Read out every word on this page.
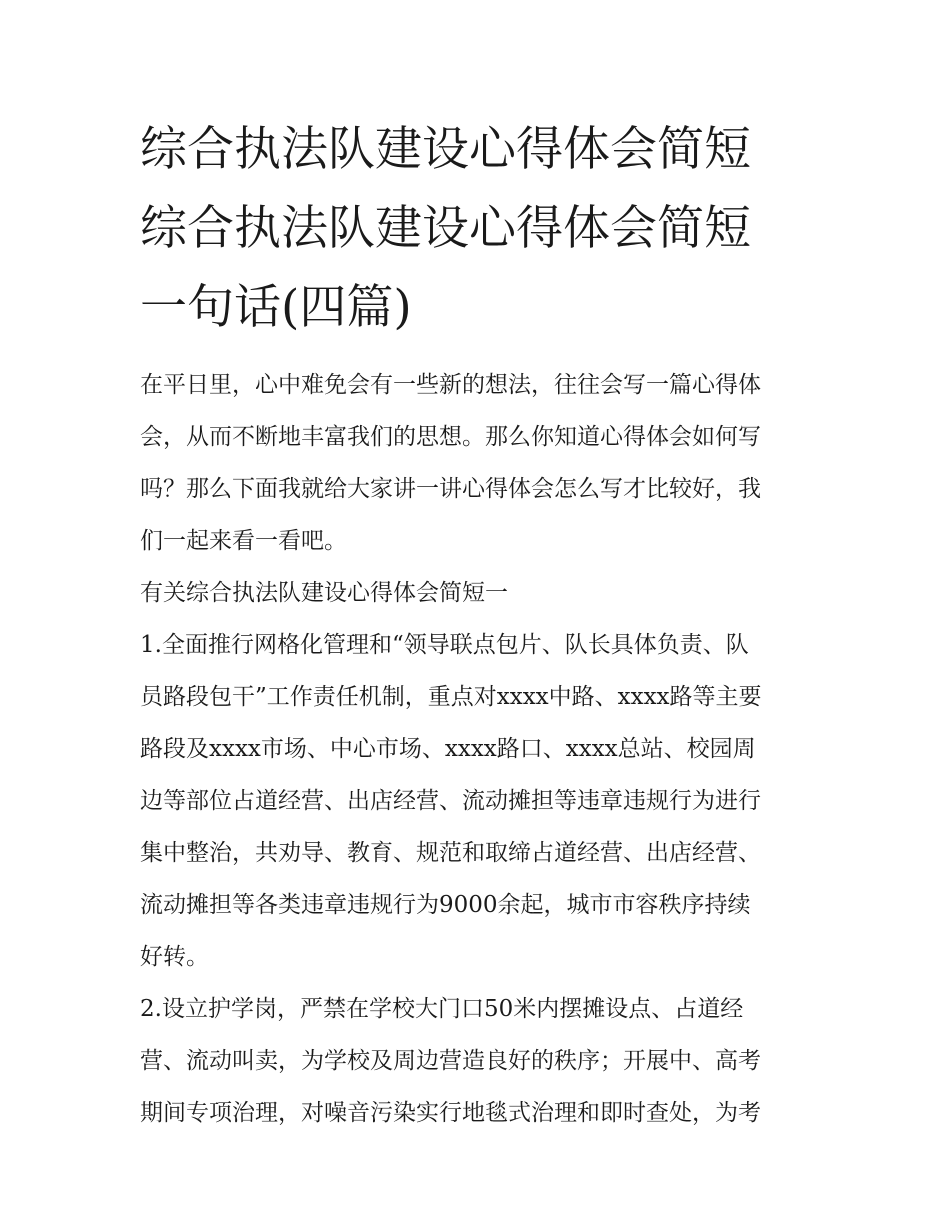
综合执法队建设心得体会简短
综合执法队建设心得体会简短
一句话(四篇)
在平日里，心中难免会有一些新的想法，往往会写一篇心得体
会，从而不断地丰富我们的思想。那么你知道心得体会如何写
吗？那么下面我就给大家讲一讲心得体会怎么写才比较好，我
们一起来看一看吧。
有关综合执法队建设心得体会简短一
1.全面推行网格化管理和“领导联点包片、队长具体负责、队
员路段包干”工作责任机制，重点对xxxx中路、xxxx路等主要
路段及xxxx市场、中心市场、xxxx路口、xxxx总站、校园周
边等部位占道经营、出店经营、流动摊担等违章违规行为进行
集中整治，共劝导、教育、规范和取缔占道经营、出店经营、
流动摊担等各类违章违规行为9000余起，城市市容秩序持续
好转。
2.设立护学岗，严禁在学校大门口50米内摆摊设点、占道经
营、流动叫卖，为学校及周边营造良好的秩序；开展中、高考
期间专项治理，对噪音污染实行地毯式治理和即时查处，为考
